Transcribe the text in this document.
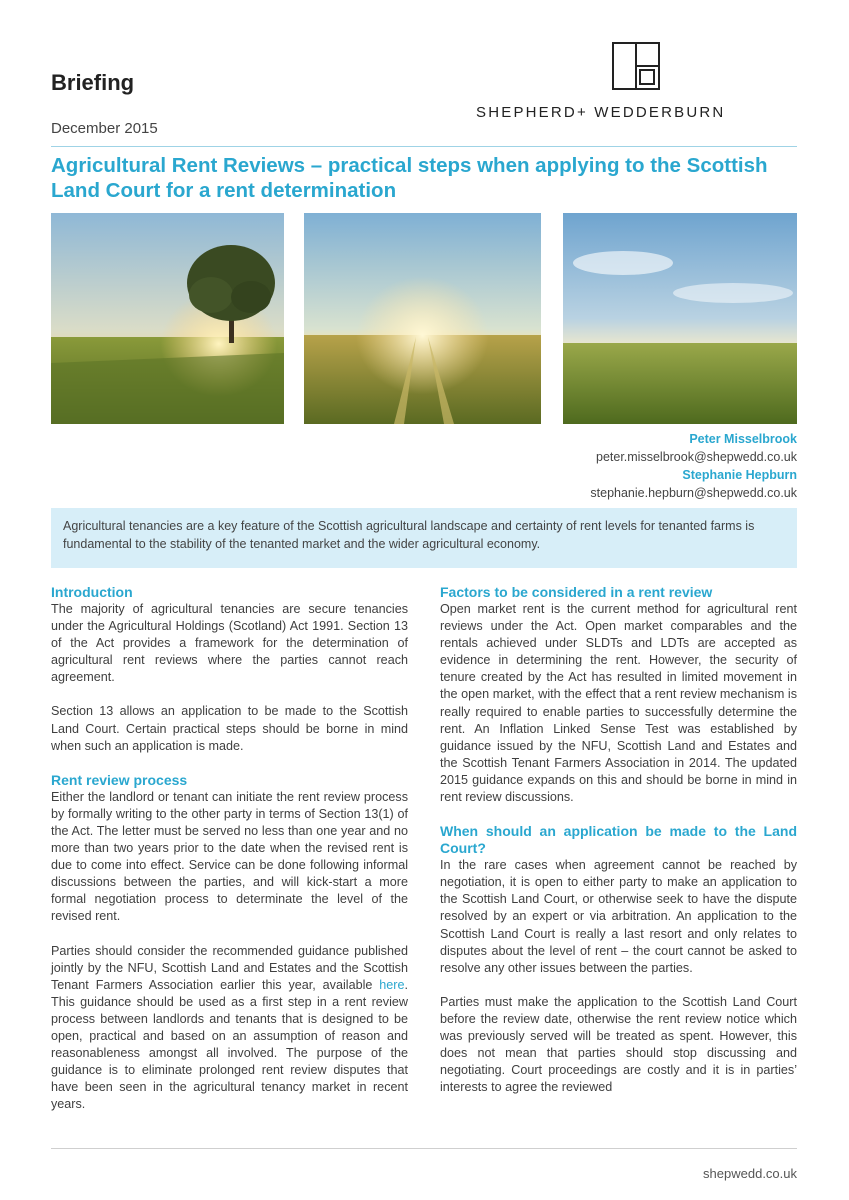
Briefing
December 2015
SHEPHERD+ WEDDERBURN
Agricultural Rent Reviews – practical steps when applying to the Scottish Land Court for a rent determination
Peter Misselbrook
peter.misselbrook@shepwedd.co.uk
Stephanie Hepburn
stephanie.hepburn@shepwedd.co.uk
Agricultural tenancies are a key feature of the Scottish agricultural landscape and certainty of rent levels for tenanted farms is fundamental to the stability of the tenanted market and the wider agricultural economy.
Introduction

The majority of agricultural tenancies are secure tenancies under the Agricultural Holdings (Scotland) Act 1991. Section 13 of the Act provides a framework for the determination of agricultural rent reviews where the parties cannot reach agreement.

Section 13 allows an application to be made to the Scottish Land Court. Certain practical steps should be borne in mind when such an application is made.

Rent review process

Either the landlord or tenant can initiate the rent review process by formally writing to the other party in terms of Section 13(1) of the Act. The letter must be served no less than one year and no more than two years prior to the date when the revised rent is due to come into effect. Service can be done following informal discussions between the parties, and will kick-start a more formal negotiation process to determinate the level of the revised rent.

Parties should consider the recommended guidance published jointly by the NFU, Scottish Land and Estates and the Scottish Tenant Farmers Association earlier this year, available here. This guidance should be used as a first step in a rent review process between landlords and tenants that is designed to be open, practical and based on an assumption of reason and reasonableness amongst all involved. The purpose of the guidance is to eliminate prolonged rent review disputes that have been seen in the agricultural tenancy market in recent years.

Factors to be considered in a rent review

Open market rent is the current method for agricultural rent reviews under the Act. Open market comparables and the rentals achieved under SLDTs and LDTs are accepted as evidence in determining the rent. However, the security of tenure created by the Act has resulted in limited movement in the open market, with the effect that a rent review mechanism is really required to enable parties to successfully determine the rent. An Inflation Linked Sense Test was established by guidance issued by the NFU, Scottish Land and Estates and the Scottish Tenant Farmers Association in 2014. The updated 2015 guidance expands on this and should be borne in mind in rent review discussions.

When should an application be made to the Land Court?

In the rare cases when agreement cannot be reached by negotiation, it is open to either party to make an application to the Scottish Land Court, or otherwise seek to have the dispute resolved by an expert or via arbitration. An application to the Scottish Land Court is really a last resort and only relates to disputes about the level of rent – the court cannot be asked to resolve any other issues between the parties.

Parties must make the application to the Scottish Land Court before the review date, otherwise the rent review notice which was previously served will be treated as spent. However, this does not mean that parties should stop discussing and negotiating. Court proceedings are costly and it is in parties’ interests to agree the reviewed

shepwedd.co.uk
